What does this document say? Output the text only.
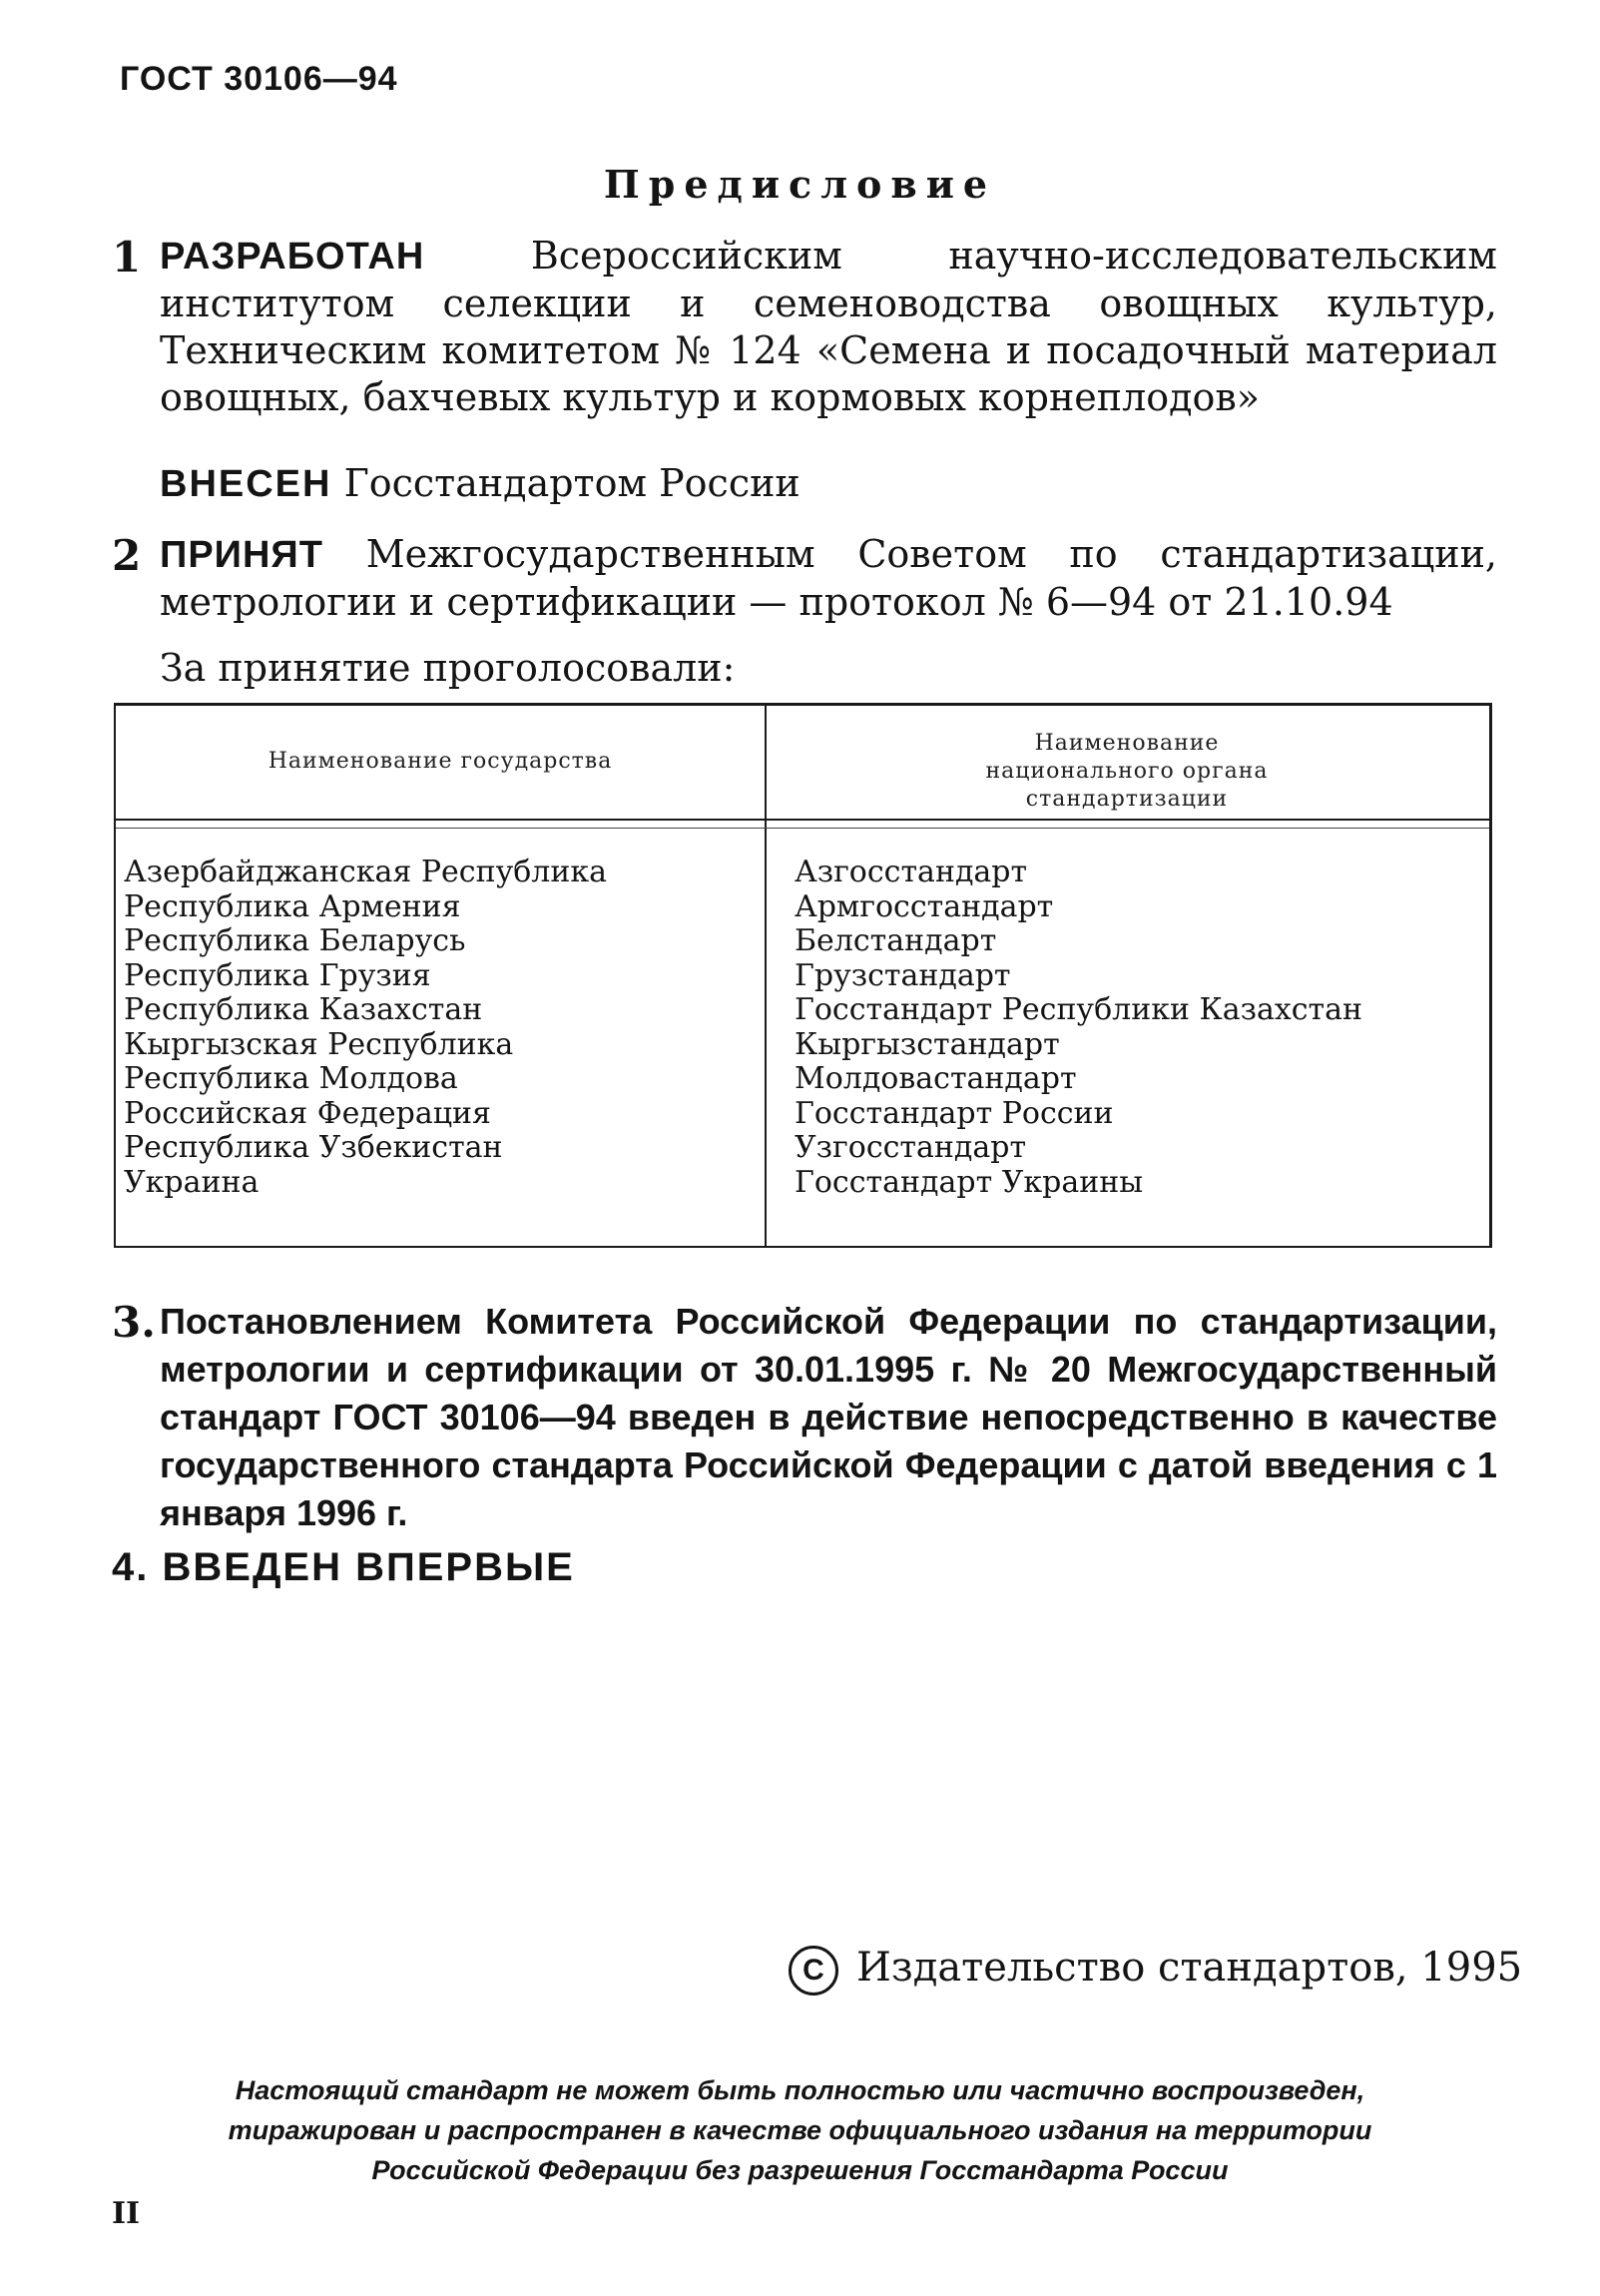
ГОСТ 30106—94
Предисловие
1 РАЗРАБОТАН	Всероссийским научно-исследовательским институтом селекции и семеноводства овощных культур, Техническим комитетом № 124 «Семена и посадочный материал овощных, бахчевых культур и кормовых корнеплодов»
ВНЕСЕН Госстандартом России
2 ПРИНЯТ Межгосударственным Советом по стандартизации, метрологии и сертификации — протокол № 6—94 от 21.10.94
За принятие проголосовали:
Наименование государства
Наименование национального органа стандартизации
Азербайджанская Республика
Республика Армения
Республика Беларусь
Республика Грузия
Республика Казахстан
Кыргызская Республика
Республика Молдова
Российская Федерация
Республика Узбекистан
Украина
Азгосстандарт
Армгосстандарт
Белстандарт
Грузстандарт
Госстандарт Республики Казахстан
Кыргызстандарт
Молдовастандарт
Госстандарт России
Узгосстандарт
Госстандарт Украины
3. Постановлением Комитета Российской Федерации по стандартизации, метрологии и сертификации от 30.01.1995 г. № 20 Межгосударственный стандарт ГОСТ 30106—94 введен в действие непосредственно в качестве государственного стандарта Российской Федерации с датой введения с 1 января 1996 г.
4. ВВЕДЕН ВПЕРВЫЕ
C Издательство стандартов, 1995
Настоящий стандарт не может быть полностью или частично воспроизведен,
тиражирован и распространен в качестве официального издания на территории
Российской Федерации без разрешения Госстандарта России
II
